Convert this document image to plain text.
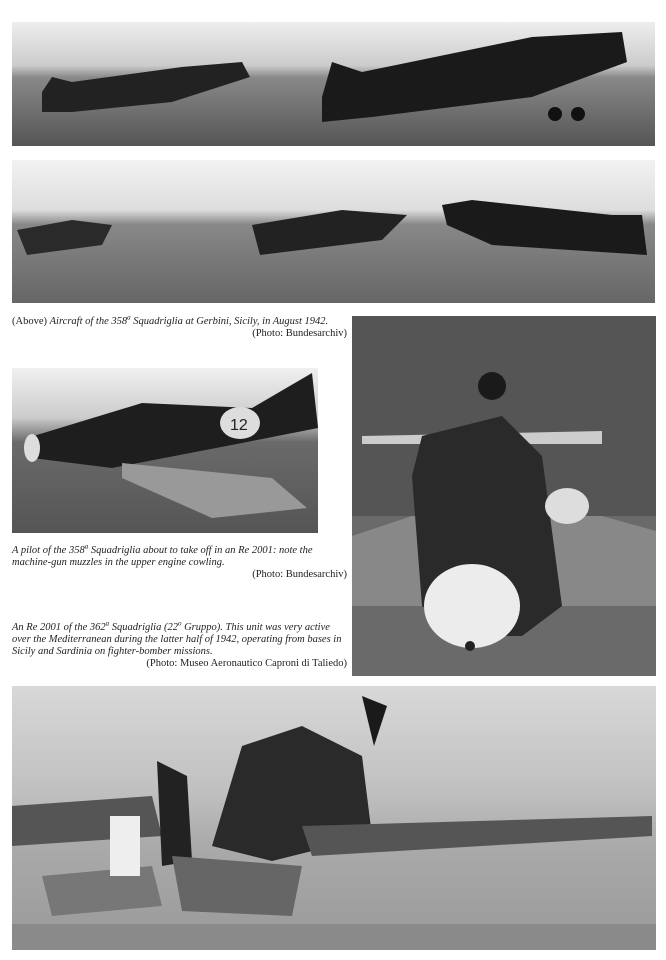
(Above) Aircraft of the 358$^a$ Squadriglia at Gerbini, Sicily, in August 1942.
(Photo: Bundesarchiv)
12
A pilot of the 358$^a$ Squadriglia about to take off in an Re 2001: note the machine-gun muzzles in the upper engine cowling.
(Photo: Bundesarchiv)
An Re 2001 of the 362$^a$ Squadriglia (22$^o$ Gruppo). This unit was very active over the Mediterranean during the latter half of 1942, operating from bases in Sicily and Sardinia on fighter-bomber missions.
(Photo: Museo Aeronautico Caproni di Taliedo)
